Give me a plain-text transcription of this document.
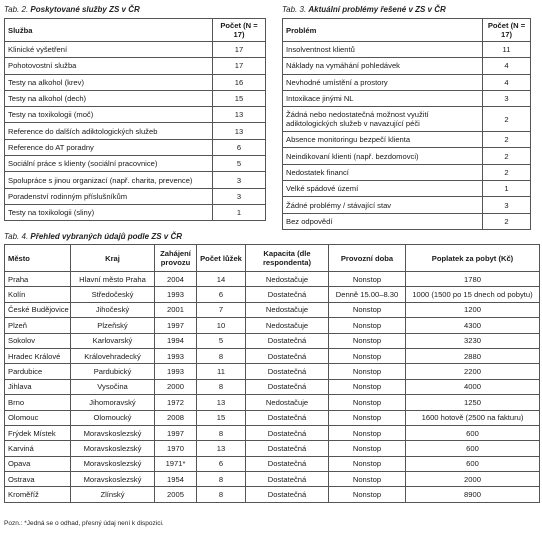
Tab. 2. Poskytované služby ZS v ČR
Služba	Počet (N = 17)
Klinické vyšetření	17
Pohotovostní služba	17
Testy na alkohol (krev)	16
Testy na alkohol (dech)	15
Testy na toxikologii (moč)	13
Reference do dalších adiktologických služeb	13
Reference do AT poradny	6
Sociální práce s klienty (sociální pracovnice)	5
Spolupráce s jinou organizací (např. charita, prevence)	3
Poradenství rodinným příslušníkům	3
Testy na toxikologii (sliny)	1
Tab. 3. Aktuální problémy řešené v ZS v ČR
Problém	Počet (N = 17)
Insolventnost klientů	11
Náklady na vymáhání pohledávek	4
Nevhodné umístění a prostory	4
Intoxikace jinými NL	3
Žádná nebo nedostatečná možnost využití adiktologických služeb v navazující péči	2
Absence monitoringu bezpečí klienta	2
Neindikovaní klienti (např. bezdomovci)	2
Nedostatek financí	2
Velké spádové území	1
Žádné problémy / stávající stav	3
Bez odpovědí	2
Tab. 4. Přehled vybraných údajů podle ZS v ČR
Město	Kraj	Zahájení provozu	Počet lůžek	Kapacita (dle respondenta)	Provozní doba	Poplatek za pobyt (Kč)
Praha	Hlavní město Praha	2004	14	Nedostačuje	Nonstop	1780
Kolín	Středočeský	1993	6	Dostatečná	Denně 15.00–8.30	1000 (1500 po 15 dnech od pobytu)
České Budějovice	Jihočeský	2001	7	Nedostačuje	Nonstop	1200
Plzeň	Plzeňský	1997	10	Nedostačuje	Nonstop	4300
Sokolov	Karlovarský	1994	5	Dostatečná	Nonstop	3230
Hradec Králové	Královehradecký	1993	8	Dostatečná	Nonstop	2880
Pardubice	Pardubický	1993	11	Dostatečná	Nonstop	2200
Jihlava	Vysočina	2000	8	Dostatečná	Nonstop	4000
Brno	Jihomoravský	1972	13	Nedostačuje	Nonstop	1250
Olomouc	Olomoucký	2008	15	Dostatečná	Nonstop	1600 hotově (2500 na fakturu)
Frýdek Místek	Moravskoslezský	1997	8	Dostatečná	Nonstop	600
Karviná	Moravskoslezský	1970	13	Dostatečná	Nonstop	600
Opava	Moravskoslezský	1971*	6	Dostatečná	Nonstop	600
Ostrava	Moravskoslezský	1954	8	Dostatečná	Nonstop	2000
Kroměříž	Zlínský	2005	8	Dostatečná	Nonstop	8900
Pozn.: *Jedná se o odhad, přesný údaj není k dispozici.
